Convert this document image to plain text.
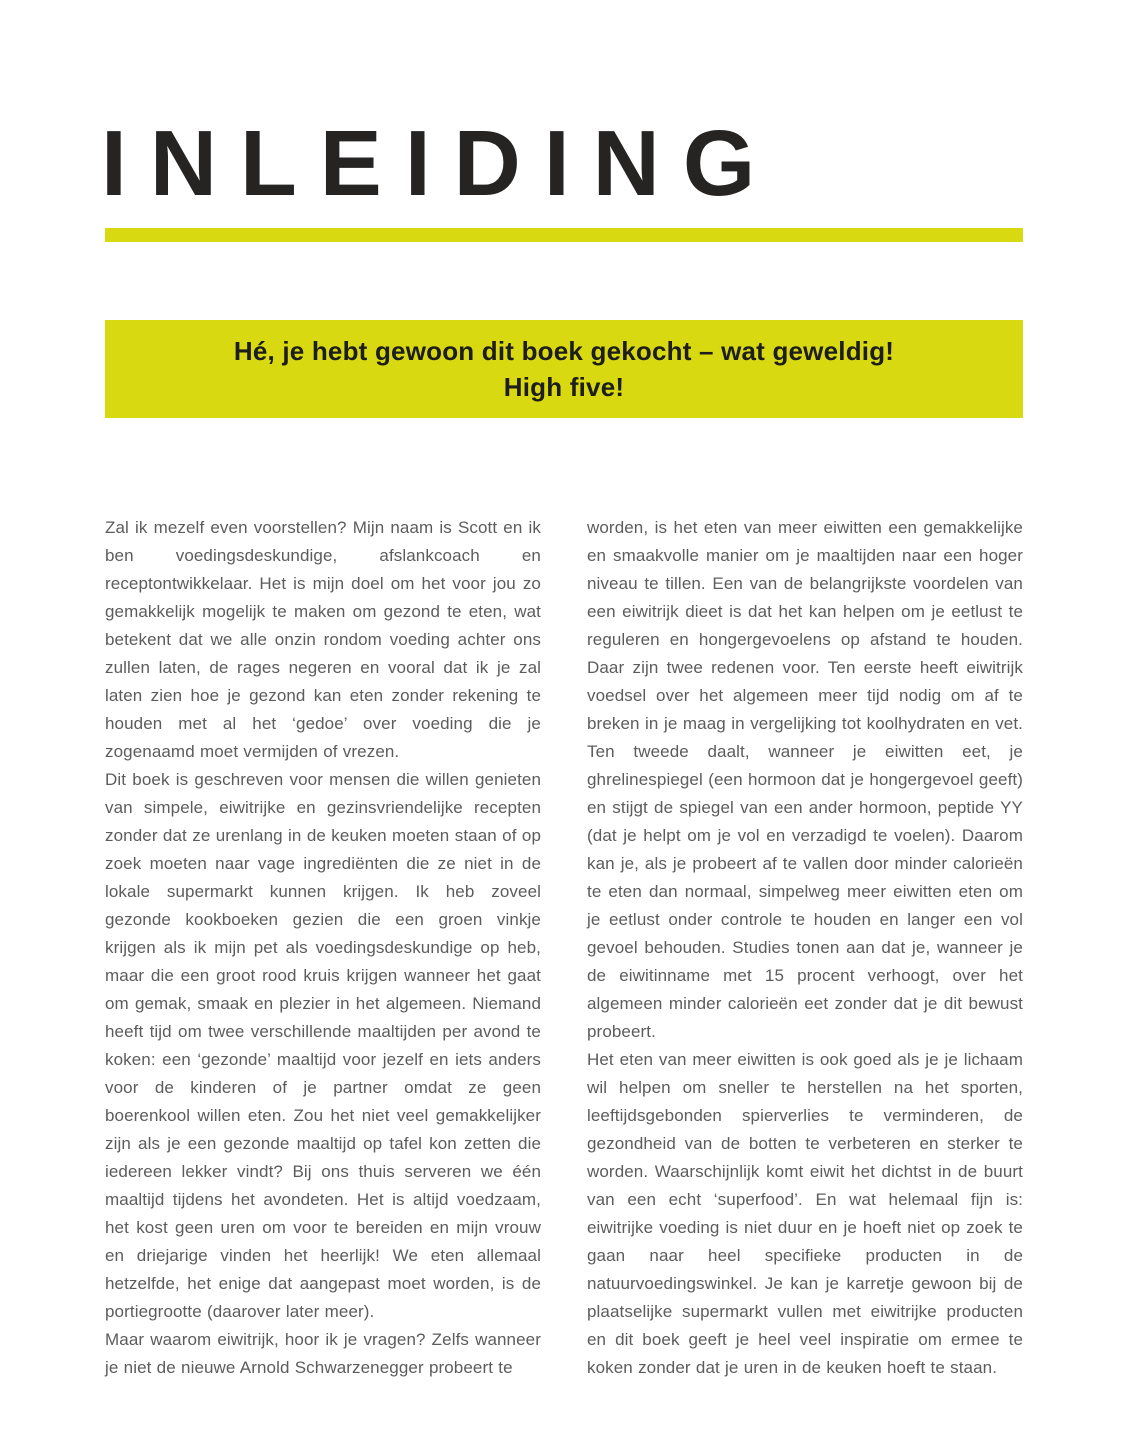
INLEIDING
Hé, je hebt gewoon dit boek gekocht – wat geweldig!
High five!

Zal ik mezelf even voorstellen? Mijn naam is Scott en ik ben voedingsdeskundige, afslankcoach en receptontwikkelaar. Het is mijn doel om het voor jou zo gemakkelijk mogelijk te maken om gezond te eten, wat betekent dat we alle onzin rondom voeding achter ons zullen laten, de rages negeren en vooral dat ik je zal laten zien hoe je gezond kan eten zonder rekening te houden met al het ‘gedoe’ over voeding die je zogenaamd moet vermijden of vrezen.

Dit boek is geschreven voor mensen die willen genieten van simpele, eiwitrijke en gezinsvriendelijke recepten zonder dat ze urenlang in de keuken moeten staan of op zoek moeten naar vage ingrediënten die ze niet in de lokale supermarkt kunnen krijgen. Ik heb zoveel gezonde kookboeken gezien die een groen vinkje krijgen als ik mijn pet als voedingsdeskundige op heb, maar die een groot rood kruis krijgen wanneer het gaat om gemak, smaak en plezier in het algemeen. Niemand heeft tijd om twee verschillende maaltijden per avond te koken: een ‘gezonde’ maaltijd voor jezelf en iets anders voor de kinderen of je partner omdat ze geen boerenkool willen eten. Zou het niet veel gemakkelijker zijn als je een gezonde maaltijd op tafel kon zetten die iedereen lekker vindt? Bij ons thuis serveren we één maaltijd tijdens het avondeten. Het is altijd voedzaam, het kost geen uren om voor te bereiden en mijn vrouw en driejarige vinden het heerlijk! We eten allemaal hetzelfde, het enige dat aangepast moet worden, is de portiegrootte (daarover later meer).

Maar waarom eiwitrijk, hoor ik je vragen? Zelfs wanneer je niet de nieuwe Arnold Schwarzenegger probeert te

worden, is het eten van meer eiwitten een gemakkelijke en smaakvolle manier om je maaltijden naar een hoger niveau te tillen. Een van de belangrijkste voordelen van een eiwitrijk dieet is dat het kan helpen om je eetlust te reguleren en hongergevoelens op afstand te houden. Daar zijn twee redenen voor. Ten eerste heeft eiwitrijk voedsel over het algemeen meer tijd nodig om af te breken in je maag in vergelijking tot koolhydraten en vet. Ten tweede daalt, wanneer je eiwitten eet, je ghrelinespiegel (een hormoon dat je hongergevoel geeft) en stijgt de spiegel van een ander hormoon, peptide YY (dat je helpt om je vol en verzadigd te voelen). Daarom kan je, als je probeert af te vallen door minder calorieën te eten dan normaal, simpelweg meer eiwitten eten om je eetlust onder controle te houden en langer een vol gevoel behouden. Studies tonen aan dat je, wanneer je de eiwitinname met 15 procent verhoogt, over het algemeen minder calorieën eet zonder dat je dit bewust probeert.

Het eten van meer eiwitten is ook goed als je je lichaam wil helpen om sneller te herstellen na het sporten, leeftijdsgebonden spierverlies te verminderen, de gezondheid van de botten te verbeteren en sterker te worden. Waarschijnlijk komt eiwit het dichtst in de buurt van een echt ‘superfood’. En wat helemaal fijn is: eiwitrijke voeding is niet duur en je hoeft niet op zoek te gaan naar heel specifieke producten in de natuurvoedingswinkel. Je kan je karretje gewoon bij de plaatselijke supermarkt vullen met eiwitrijke producten en dit boek geeft je heel veel inspiratie om ermee te koken zonder dat je uren in de keuken hoeft te staan.
